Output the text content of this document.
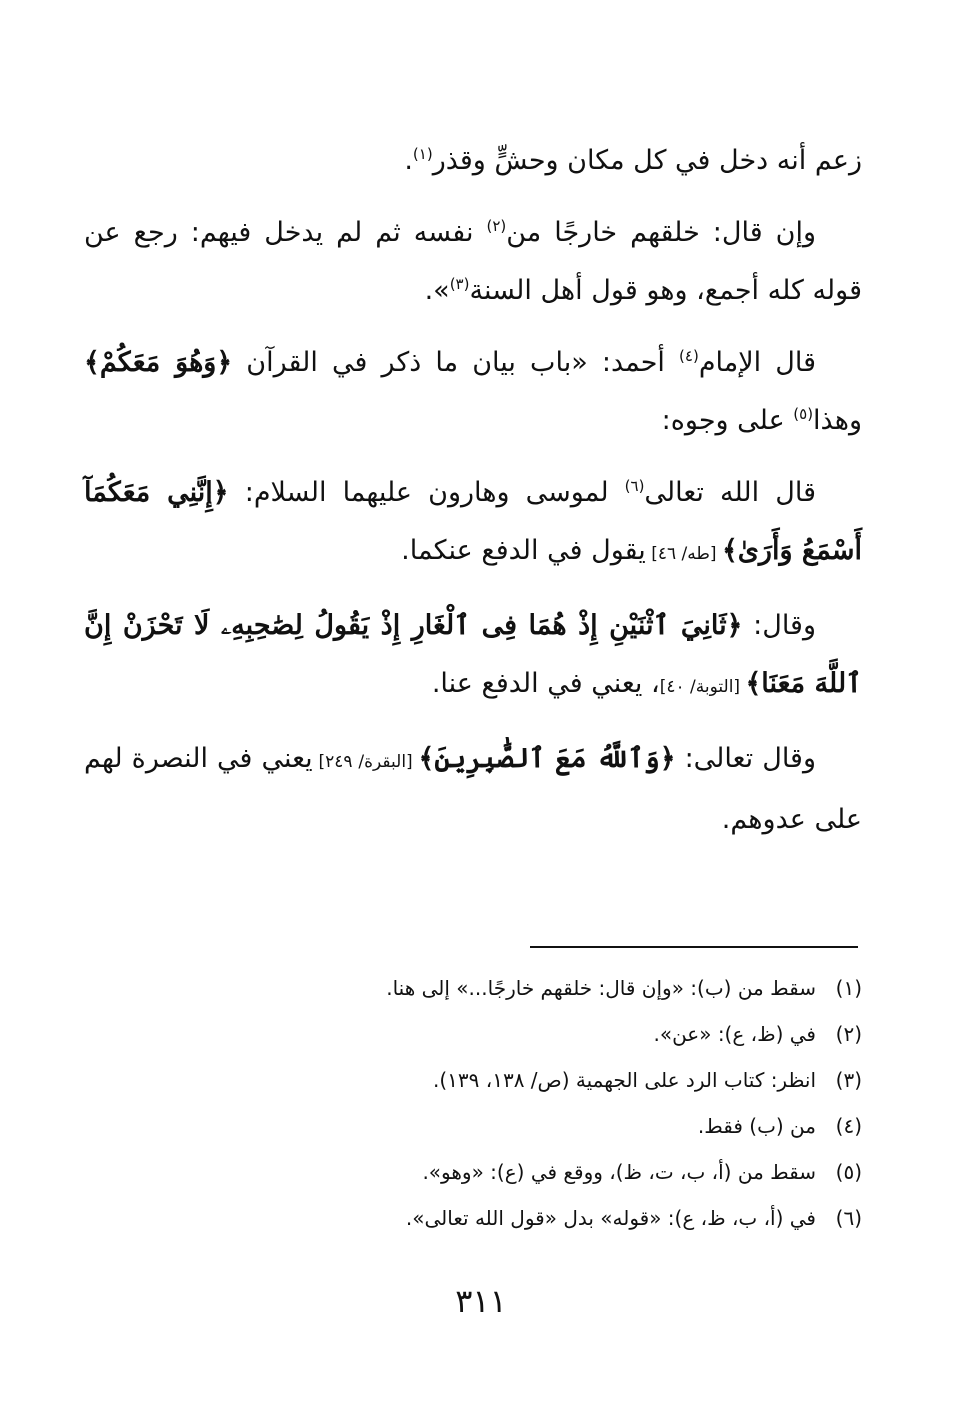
زعم أنه دخل في كل مكان وحشٍّ وقذر$^{(١)}$.

وإن قال: خلقهم خارجًا من$^{(٢)}$ نفسه ثم لم يدخل فيهم: رجع عن قوله كله أجمع، وهو قول أهل السنة$^{(٣)}$».

قال الإمام$^{(٤)}$ أحمد: «باب بيان ما ذكر في القرآن ﴿وَهُوَ مَعَكُمْ﴾ وهذا$^{(٥)}$ على وجوه:

قال الله تعالى$^{(٦)}$ لموسى وهارون عليهما السلام: ﴿إِنَّنِي مَعَكُمَآ أَسْمَعُ وَأَرَىٰ﴾ [طه/ ٤٦] يقول في الدفع عنكما.

وقال: ﴿ثَانِيَ ٱثْنَيْنِ إِذْ هُمَا فِى ٱلْغَارِ إِذْ يَقُولُ لِصَٰحِبِهِۦ لَا تَحْزَنْ إِنَّ ٱللَّهَ مَعَنَا﴾ [التوبة/ ٤٠]، يعني في الدفع عنا.

وقال تعالى: ﴿وَٱللَّهُ مَعَ ٱلصَّٰبِرِينَ﴾ [البقرة/ ٢٤٩] يعني في النصرة لهم على عدوهم.

(١)
سقط من (ب): «وإن قال: خلقهم خارجًا...» إلى هنا.
(٢)
في (ظ، ع): «عن».
(٣)
انظر: كتاب الرد على الجهمية (ص/ ١٣٨، ١٣٩).
(٤)
من (ب) فقط.
(٥)
سقط من (أ، ب، ت، ظ)، ووقع في (ع): «وهو».
(٦)
في (أ، ب، ظ، ع): «قوله» بدل «قول الله تعالى».
٣١١
